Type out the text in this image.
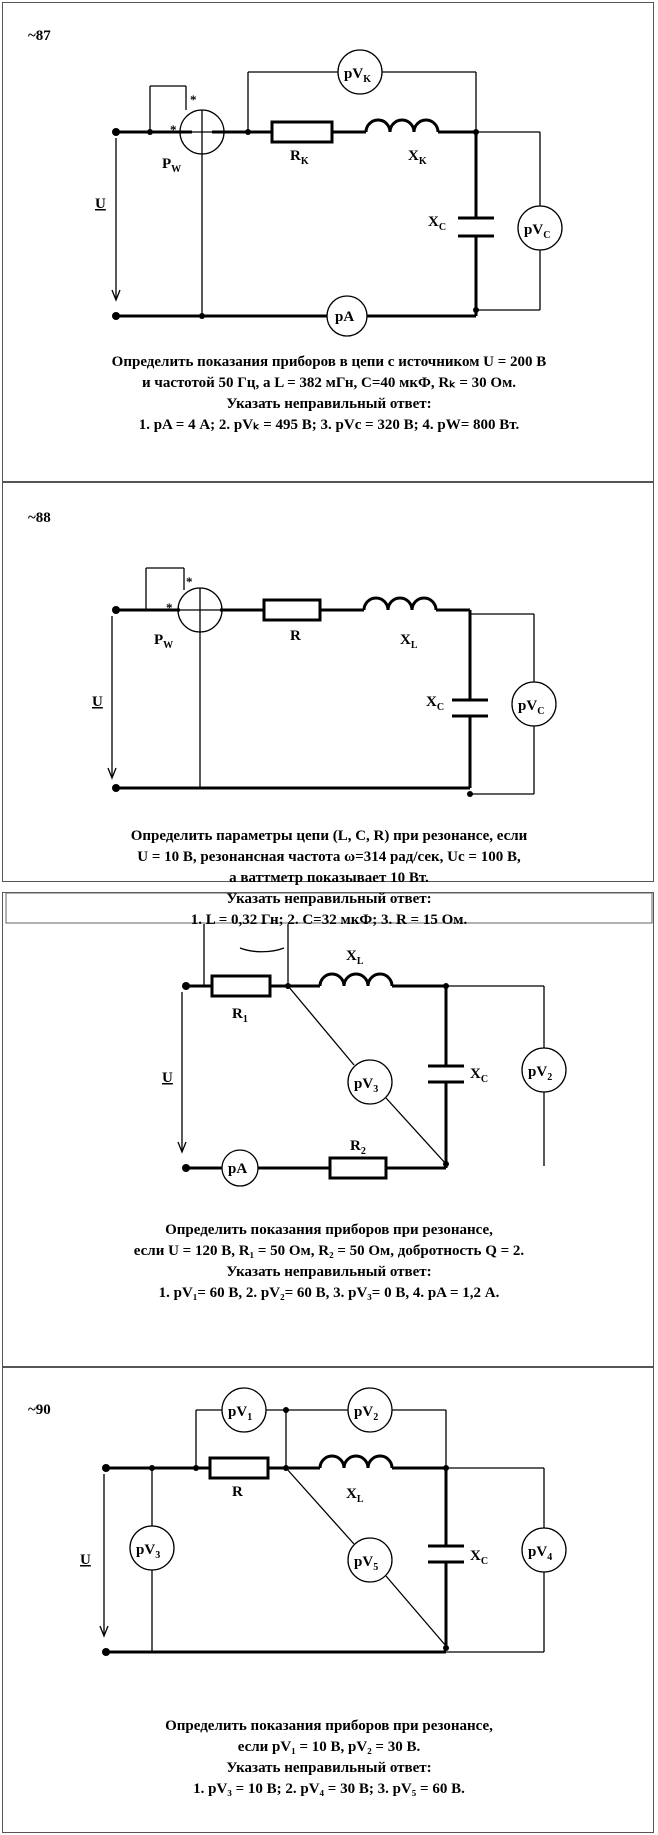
~87
~88
~90
*
*
$P_W$
$R_K$	$X_K$
$pV_K$
U
$X_C$	$pV_C$
pA
*
*
$P_W$
R	$X_L$
U	$X_C$	$pV_C$
$R_1$
$X_L$
U	$pV_3$
$X_C$	$pV_2$
pA
$R_2$
$pV_1$	$pV_2$
R	$X_L$
U
$pV_3$	$pV_5$
$X_C$
$pV_4$
Определить показания приборов в цепи с источником U = 200 В
и частотой 50 Гц, а L = 382 мГн, C=40 мкФ, Rₖ = 30 Ом.
Указать неправильный ответ:
1. pA = 4 А; 2. pVₖ = 495 В; 3. pVc = 320 В; 4. pW= 800 Вт.
Определить параметры цепи (L, C, R) при резонансе, если
U = 10 В, резонансная частота ω=314 рад/сек, Uc = 100 В,
а ваттметр показывает 10 Вт.
Указать неправильный ответ:
1. L = 0,32 Гн; 2. C=32 мкФ; 3. R = 15 Ом.
Определить показания приборов при резонансе,
если U = 120 В, R₁ = 50 Ом, R₂ = 50 Ом, добротность Q = 2.
Указать неправильный ответ:
1. pV₁= 60 В, 2. pV₂= 60 В, 3. pV₃= 0 В, 4. pA = 1,2 А.
Определить показания приборов при резонансе,
если pV₁ = 10 В, pV₂ = 30 В.
Указать неправильный ответ:
1. pV₃ = 10 В; 2. pV₄ = 30 В; 3. pV₅ = 60 В.
